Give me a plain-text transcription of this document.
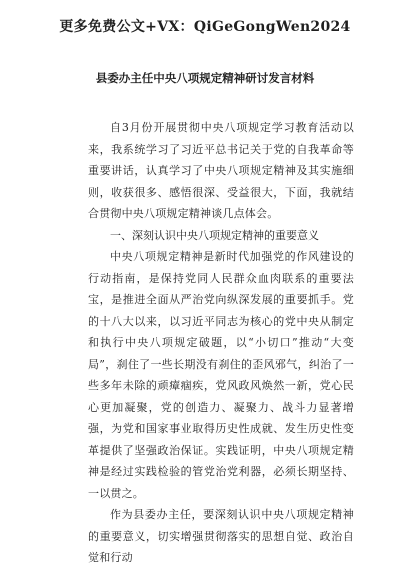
更多免费公文+VX：QiGeGongWen2024
县委办主任中央八项规定精神研讨发言材料

自3月份开展贯彻中央八项规定学习教育活动以来，我系统学习了习近平总书记关于党的自我革命等重要讲话，认真学习了中央八项规定精神及其实施细则，收获很多、感悟很深、受益很大，下面，我就结合贯彻中央八项规定精神谈几点体会。

一、深刻认识中央八项规定精神的重要意义

中央八项规定精神是新时代加强党的作风建设的行动指南，是保持党同人民群众血肉联系的重要法宝，是推进全面从严治党向纵深发展的重要抓手。党的十八大以来，以习近平同志为核心的党中央从制定和执行中央八项规定破题，以“小切口”推动“大变局”，刹住了一些长期没有刹住的歪风邪气，纠治了一些多年未除的顽瘴痼疾，党风政风焕然一新，党心民心更加凝聚，党的创造力、凝聚力、战斗力显著增强，为党和国家事业取得历史性成就、发生历史性变革提供了坚强政治保证。实践证明，中央八项规定精神是经过实践检验的管党治党利器，必须长期坚持、一以贯之。

作为县委办主任，要深刻认识中央八项规定精神的重要意义，切实增强贯彻落实的思想自觉、政治自觉和行动
